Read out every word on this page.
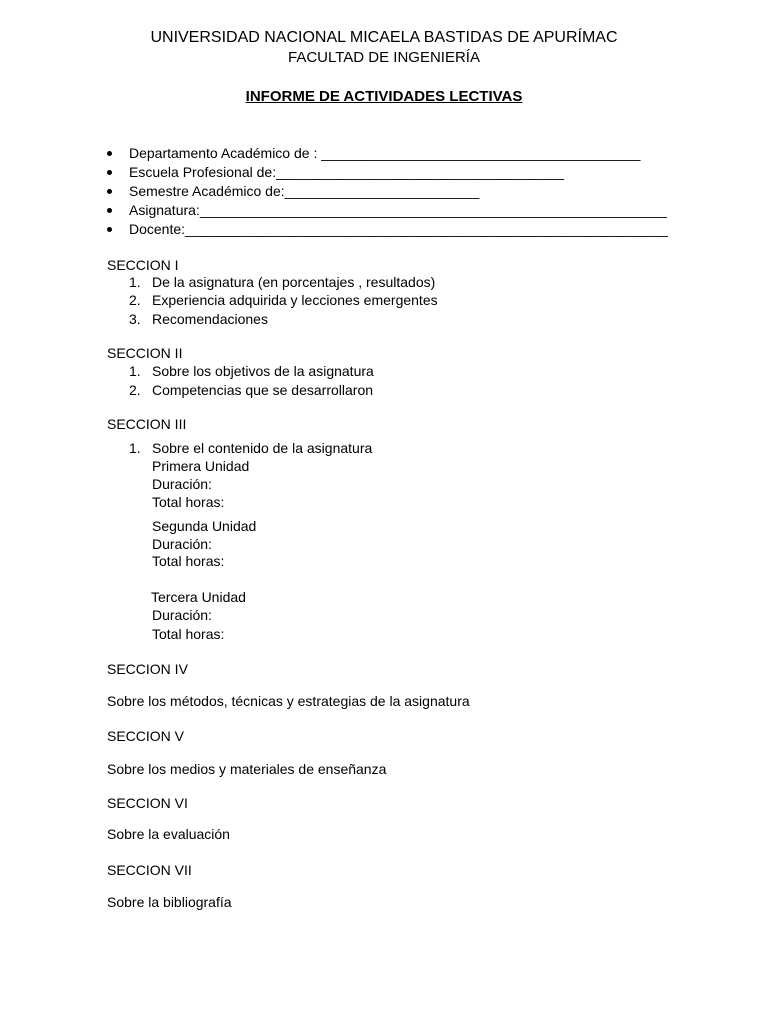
UNIVERSIDAD NACIONAL MICAELA BASTIDAS DE APURÍMAC
FACULTAD DE INGENIERÍA
INFORME DE ACTIVIDADES LECTIVAS
Departamento Académico de : _________________________________________
Escuela Profesional de:_____________________________________
Semestre Académico de:_________________________
Asignatura:____________________________________________________________
Docente:______________________________________________________________
SECCION I
1. De la asignatura (en porcentajes , resultados)
2. Experiencia adquirida y lecciones emergentes
3. Recomendaciones
SECCION II
1. Sobre los objetivos de la asignatura
2. Competencias que se desarrollaron
SECCION III
1. Sobre el contenido de la asignatura
Primera Unidad
Duración:
Total horas:
Segunda Unidad
Duración:
Total horas:
Tercera Unidad
Duración:
Total horas:
SECCION IV
Sobre los métodos, técnicas y estrategias de la asignatura
SECCION V
Sobre los medios y materiales de enseñanza
SECCION VI
Sobre la evaluación
SECCION VII
Sobre la bibliografía
